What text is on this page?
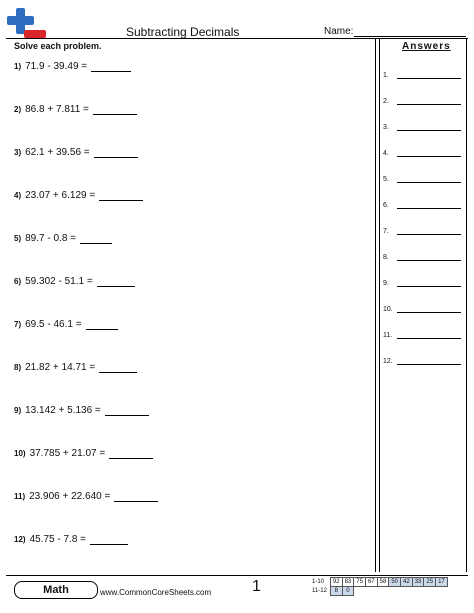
Subtracting Decimals	Name:
Solve each problem.	Answers
1) 71.9 - 39.49 =
2) 86.8 + 7.811 =
3) 62.1 + 39.56 =
4) 23.07 + 6.129 =
5) 89.7 - 0.8 =
6) 59.302 - 51.1 =
7) 69.5 - 46.1 =
8) 21.82 + 14.71 =
9) 13.142 + 5.136 =
10) 37.785 + 21.07 =
11) 23.906 + 22.640 =
12) 45.75 - 7.8 =
1.
2.
3.
4.
5.
6.
7.
8.
9.
10.
11.
12.
Math	www.CommonCoreSheets.com	1	1-10	92	83	75	67	58	50	42	33	25	17
11-12	8	0								
